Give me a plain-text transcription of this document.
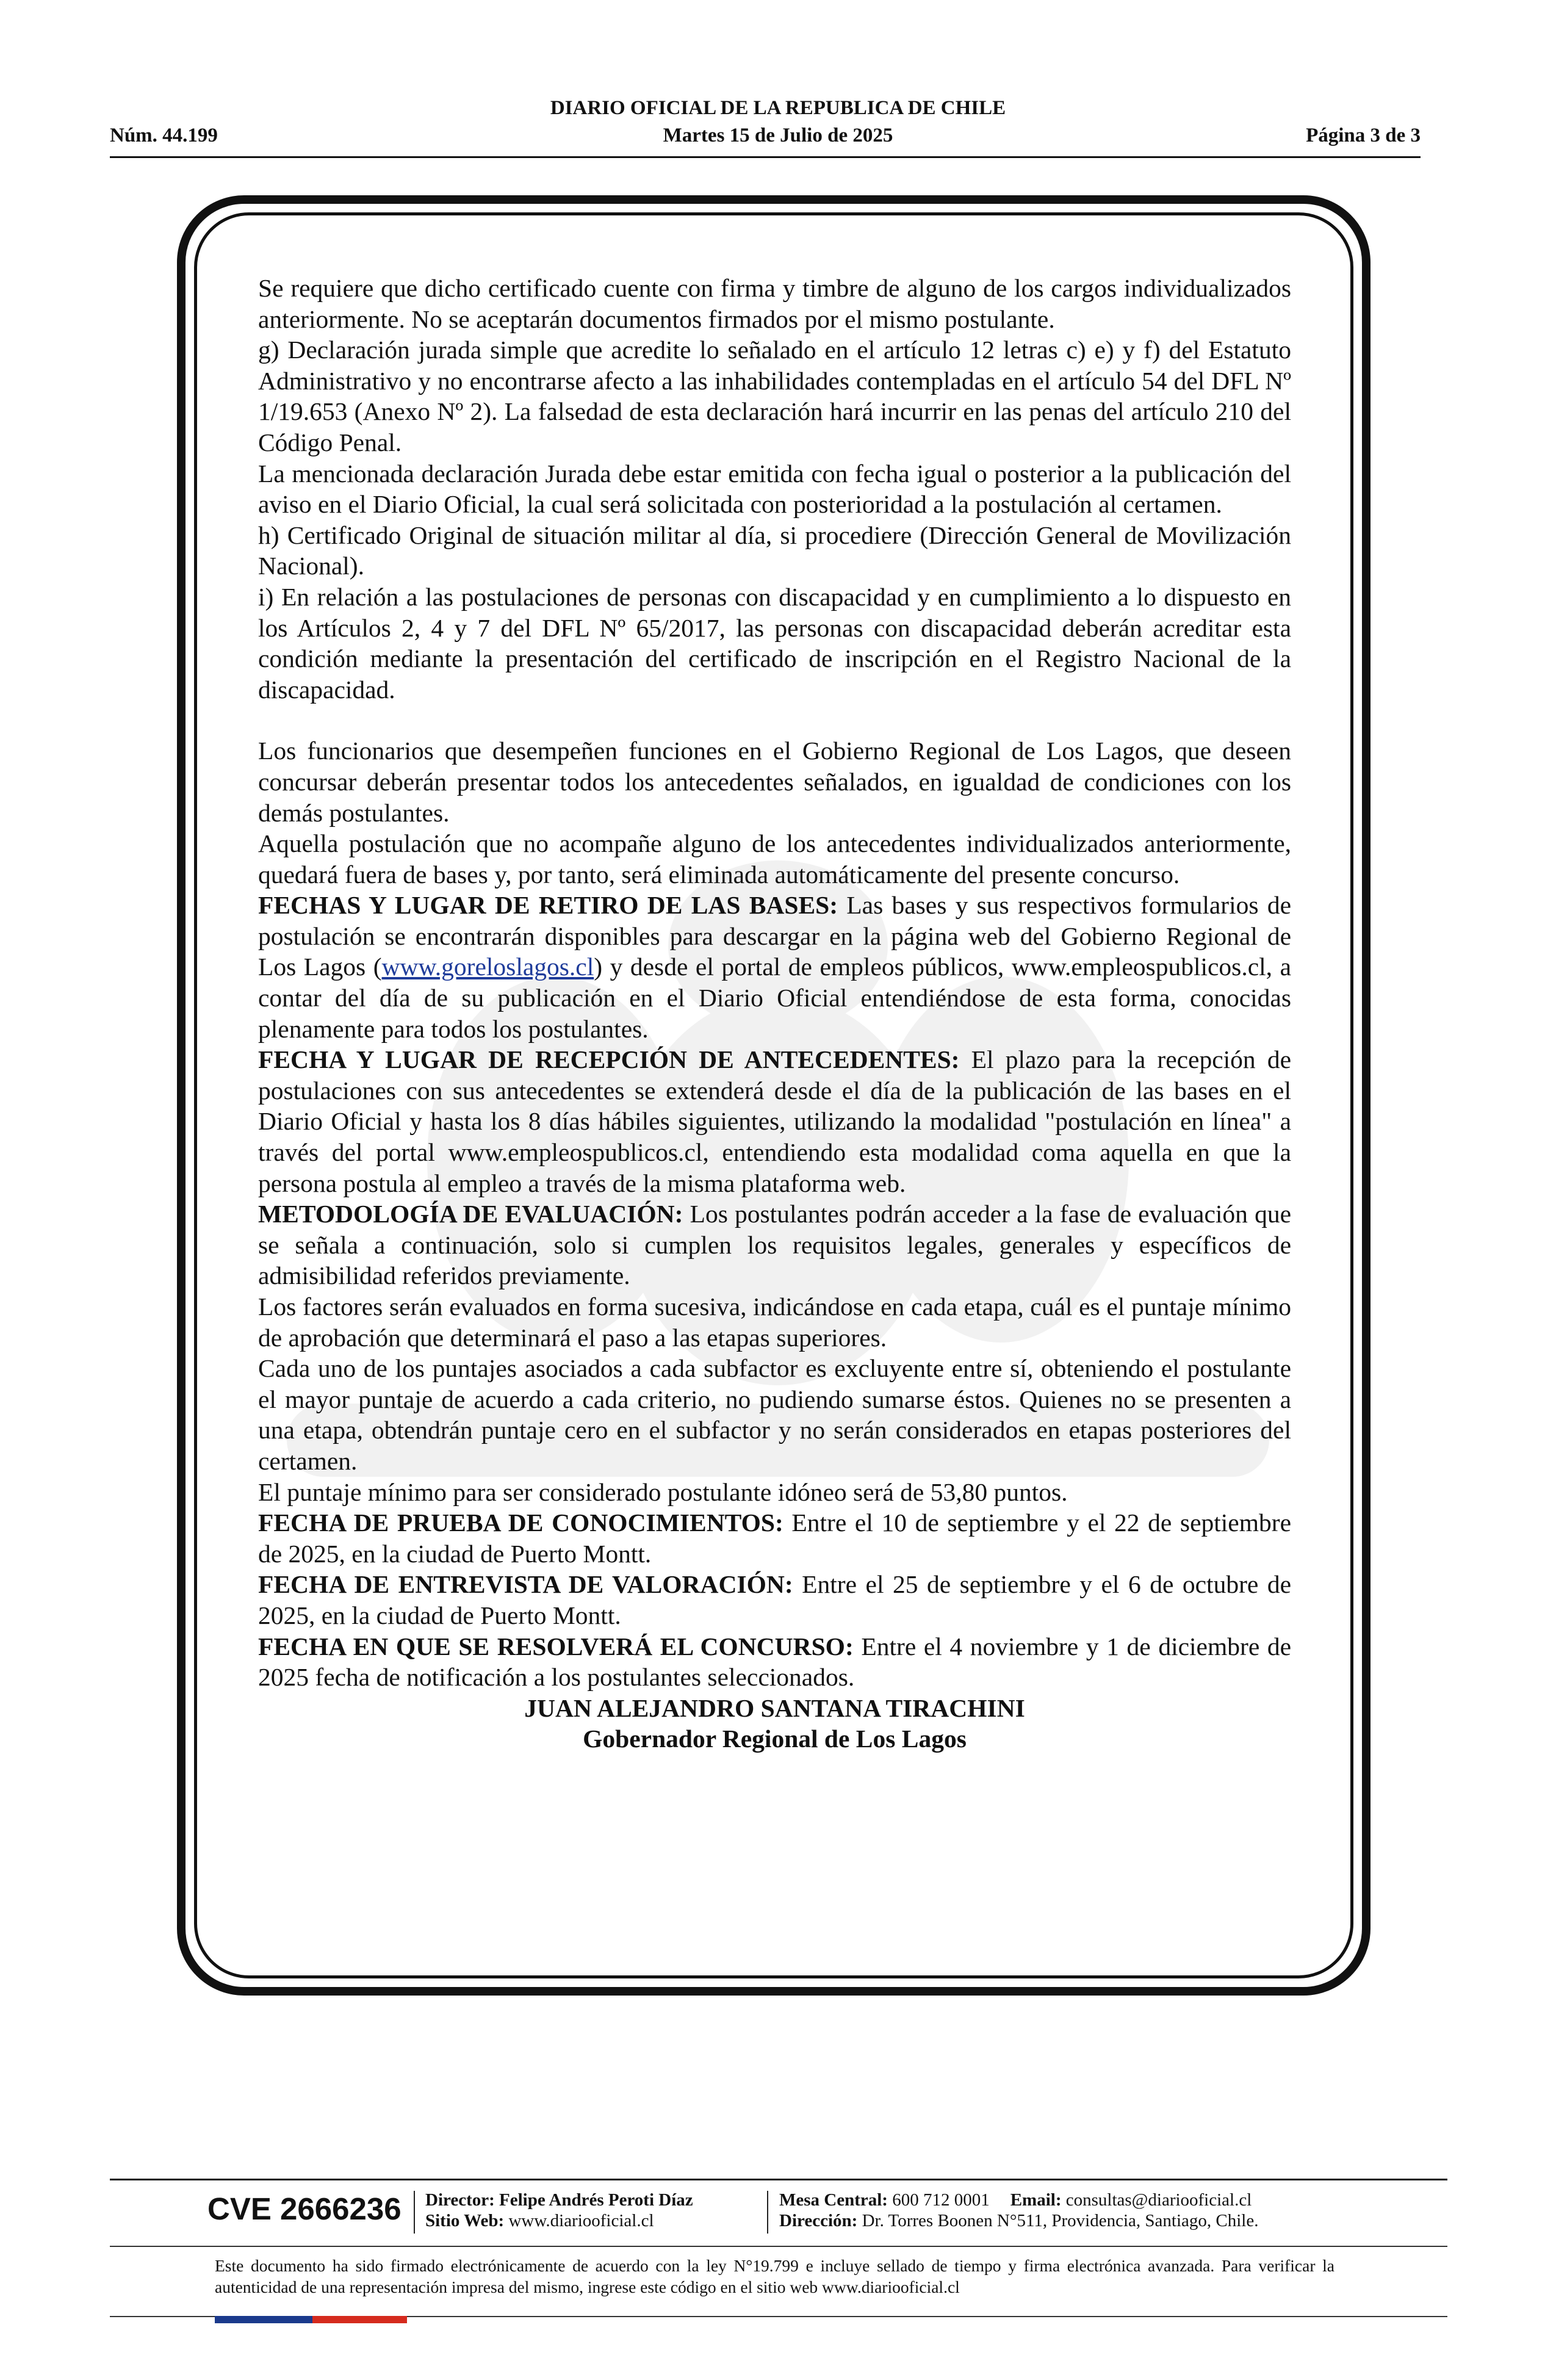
DIARIO OFICIAL DE LA REPUBLICA DE CHILE
Martes 15 de Julio de 2025
Núm. 44.199	Página 3 de 3

Se requiere que dicho certificado cuente con firma y timbre de alguno de los cargos individualizados anteriormente. No se aceptarán documentos firmados por el mismo postulante.

g) Declaración jurada simple que acredite lo señalado en el artículo 12 letras c) e) y f) del Estatuto Administrativo y no encontrarse afecto a las inhabilidades contempladas en el artículo 54 del DFL Nº 1/19.653 (Anexo Nº 2). La falsedad de esta declaración hará incurrir en las penas del artículo 210 del Código Penal.

La mencionada declaración Jurada debe estar emitida con fecha igual o posterior a la publicación del aviso en el Diario Oficial, la cual será solicitada con posterioridad a la postulación al certamen.

h) Certificado Original de situación militar al día, si procediere (Dirección General de Movilización Nacional).

i) En relación a las postulaciones de personas con discapacidad y en cumplimiento a lo dispuesto en los Artículos 2, 4 y 7 del DFL Nº 65/2017, las personas con discapacidad deberán acreditar esta condición mediante la presentación del certificado de inscripción en el Registro Nacional de la discapacidad.

Los funcionarios que desempeñen funciones en el Gobierno Regional de Los Lagos, que deseen concursar deberán presentar todos los antecedentes señalados, en igualdad de condiciones con los demás postulantes.

Aquella postulación que no acompañe alguno de los antecedentes individualizados anteriormente, quedará fuera de bases y, por tanto, será eliminada automáticamente del presente concurso.

FECHAS Y LUGAR DE RETIRO DE LAS BASES: Las bases y sus respectivos formularios de postulación se encontrarán disponibles para descargar en la página web del Gobierno Regional de Los Lagos (www.goreloslagos.cl) y desde el portal de empleos públicos, www.empleospublicos.cl, a contar del día de su publicación en el Diario Oficial entendiéndose de esta forma, conocidas plenamente para todos los postulantes.

FECHA Y LUGAR DE RECEPCIÓN DE ANTECEDENTES: El plazo para la recepción de postulaciones con sus antecedentes se extenderá desde el día de la publicación de las bases en el Diario Oficial y hasta los 8 días hábiles siguientes, utilizando la modalidad "postulación en línea" a través del portal www.empleospublicos.cl, entendiendo esta modalidad coma aquella en que la persona postula al empleo a través de la misma plataforma web.

METODOLOGÍA DE EVALUACIÓN: Los postulantes podrán acceder a la fase de evaluación que se señala a continuación, solo si cumplen los requisitos legales, generales y específicos de admisibilidad referidos previamente.

Los factores serán evaluados en forma sucesiva, indicándose en cada etapa, cuál es el puntaje mínimo de aprobación que determinará el paso a las etapas superiores.

Cada uno de los puntajes asociados a cada subfactor es excluyente entre sí, obteniendo el postulante el mayor puntaje de acuerdo a cada criterio, no pudiendo sumarse éstos. Quienes no se presenten a una etapa, obtendrán puntaje cero en el subfactor y no serán considerados en etapas posteriores del certamen.

El puntaje mínimo para ser considerado postulante idóneo será de 53,80 puntos.

FECHA DE PRUEBA DE CONOCIMIENTOS: Entre el 10 de septiembre y el 22 de septiembre de 2025, en la ciudad de Puerto Montt.

FECHA DE ENTREVISTA DE VALORACIÓN: Entre el 25 de septiembre y el 6 de octubre de 2025, en la ciudad de Puerto Montt.

FECHA EN QUE SE RESOLVERÁ EL CONCURSO: Entre el 4 noviembre y 1 de diciembre de 2025 fecha de notificación a los postulantes seleccionados.

JUAN ALEJANDRO SANTANA TIRACHINI

Gobernador Regional de Los Lagos

CVE 2666236 Director: Felipe Andrés Peroti Díaz
Sitio Web: www.diariooficial.cl
Mesa Central: 600 712 0001 Email: consultas@diariooficial.cl
Dirección: Dr. Torres Boonen N°511, Providencia, Santiago, Chile.
Este documento ha sido firmado electrónicamente de acuerdo con la ley N°19.799 e incluye sellado de tiempo y firma electrónica avanzada. Para verificar la autenticidad de una representación impresa del mismo, ingrese este código en el sitio web www.diariooficial.cl
